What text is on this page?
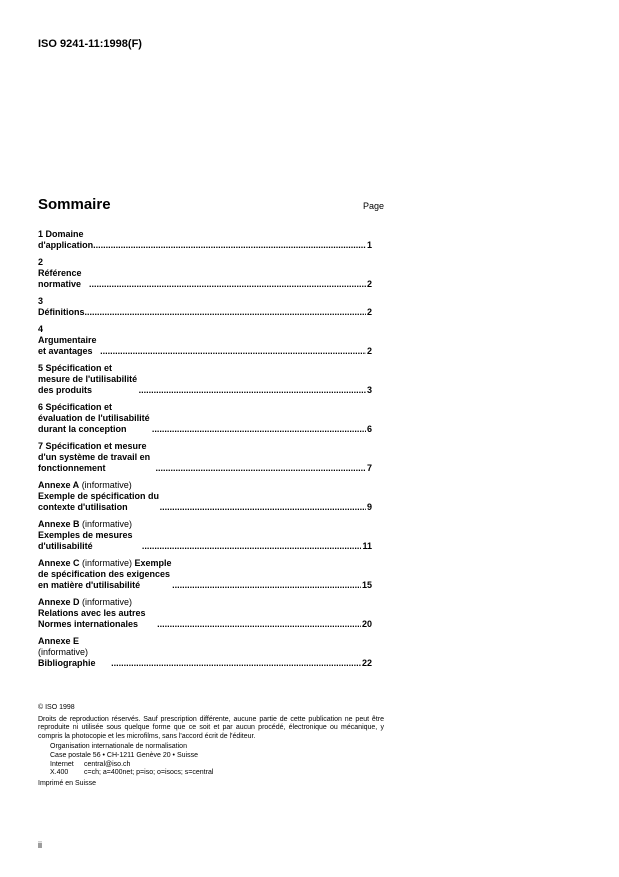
ISO 9241-11:1998(F)
Sommaire	Page
1 Domaine d'application .....	1
2 Référence normative .....	2
3 Définitions .....	2
4 Argumentaire et avantages .....	2
5 Spécification et mesure de l'utilisabilité des produits .....	3
6 Spécification et évaluation de l'utilisabilité durant la conception .....	6
7 Spécification et mesure d'un système de travail en fonctionnement .....	7
Annexe A (informative) Exemple de spécification du contexte d'utilisation .....	9
Annexe B (informative) Exemples de mesures d'utilisabilité .....	11
Annexe C (informative) Exemple de spécification des exigences en matière d'utilisabilité .....	15
Annexe D (informative) Relations avec les autres Normes internationales .....	20
Annexe E (informative) Bibliographie .....	22
© ISO 1998
Droits de reproduction réservés. Sauf prescription différente, aucune partie de cette publication ne peut être reproduite ni utilisée sous quelque forme que ce soit et par aucun procédé, électronique ou mécanique, y compris la photocopie et les microfilms, sans l'accord écrit de l'éditeur.
Organisation internationale de normalisation
Case postale 56 • CH-1211 Genève 20 • Suisse
Internet	central@iso.ch
X.400	c=ch; a=400net; p=iso; o=isocs; s=central
Imprimé en Suisse
ii
